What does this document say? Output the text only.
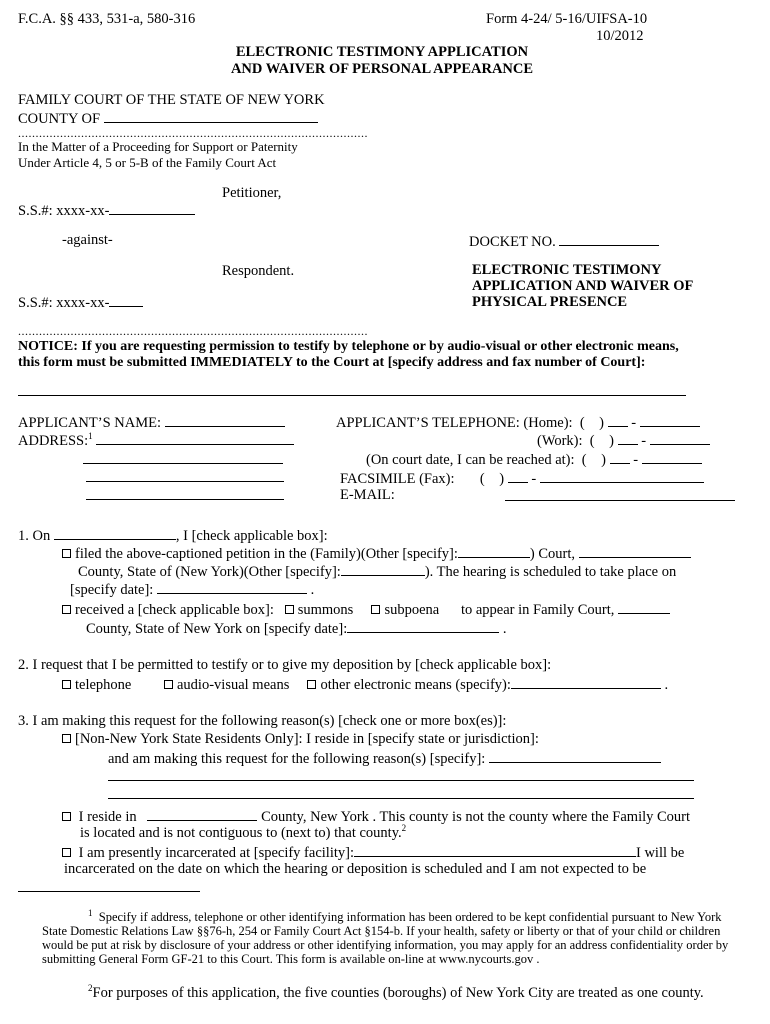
F.C.A. §§ 433, 531-a, 580-316	Form 4-24/ 5-16/UIFSA-10
10/2012
ELECTRONIC TESTIMONY APPLICATION
AND WAIVER OF PERSONAL APPEARANCE
FAMILY COURT OF THE STATE OF NEW YORK
COUNTY OF
....................................................................................................
In the Matter of a Proceeding for Support or Paternity
Under Article 4, 5 or 5-B of the Family Court Act
Petitioner,
S.S.#: xxxx-xx-
-against-	DOCKET NO.
Respondent.	ELECTRONIC TESTIMONY
APPLICATION AND WAIVER OF
PHYSICAL PRESENCE
S.S.#: xxxx-xx-
....................................................................................................
NOTICE: If you are requesting permission to testify by telephone or by audio-visual or other electronic means,
this form must be submitted IMMEDIATELY to the Court at [specify address and fax number of Court]:
APPLICANT’S NAME:
ADDRESS:$^1$
APPLICANT’S TELEPHONE: (Home): ( ) -
(Work): ( ) -
(On court date, I can be reached at): ( ) -
FACSIMILE (Fax): ( ) -
E-MAIL:
1. On	, I [check applicable box]:
filed the above-captioned petition in the (Family)(Other [specify]:	) Court,
County, State of (New York)(Other [specify]:	). The hearing is scheduled to take place on
[specify date]:	.
received a [check applicable box]: summons subpoena to appear in Family Court,
County, State of New York on [specify date]:	.
2. I request that I be permitted to testify or to give my deposition by [check applicable box]:
telephone	audio-visual means other electronic means (specify):	.
3. I am making this request for the following reason(s) [check one or more box(es)]:
[Non-New York State Residents Only]: I reside in [specify state or jurisdiction]:
and am making this request for the following reason(s) [specify]:
I reside in	County, New York . This county is not the county where the Family Court
is located and is not contiguous to (next to) that county.$^2$
I am presently incarcerated at [specify facility]:	I will be
incarcerated on the date on which the hearing or deposition is scheduled and I am not expected to be
$^1$ Specify if address, telephone or other identifying information has been ordered to be kept confidential pursuant to New York State Domestic Relations Law §§76-h, 254 or Family Court Act §154-b. If your health, safety or liberty or that of your child or children would be put at risk by disclosure of your address or other identifying information, you may apply for an address confidentiality order by submitting General Form GF-21 to this Court. This form is available on-line at www.nycourts.gov .
$^2$For purposes of this application, the five counties (boroughs) of New York City are treated as one county.
